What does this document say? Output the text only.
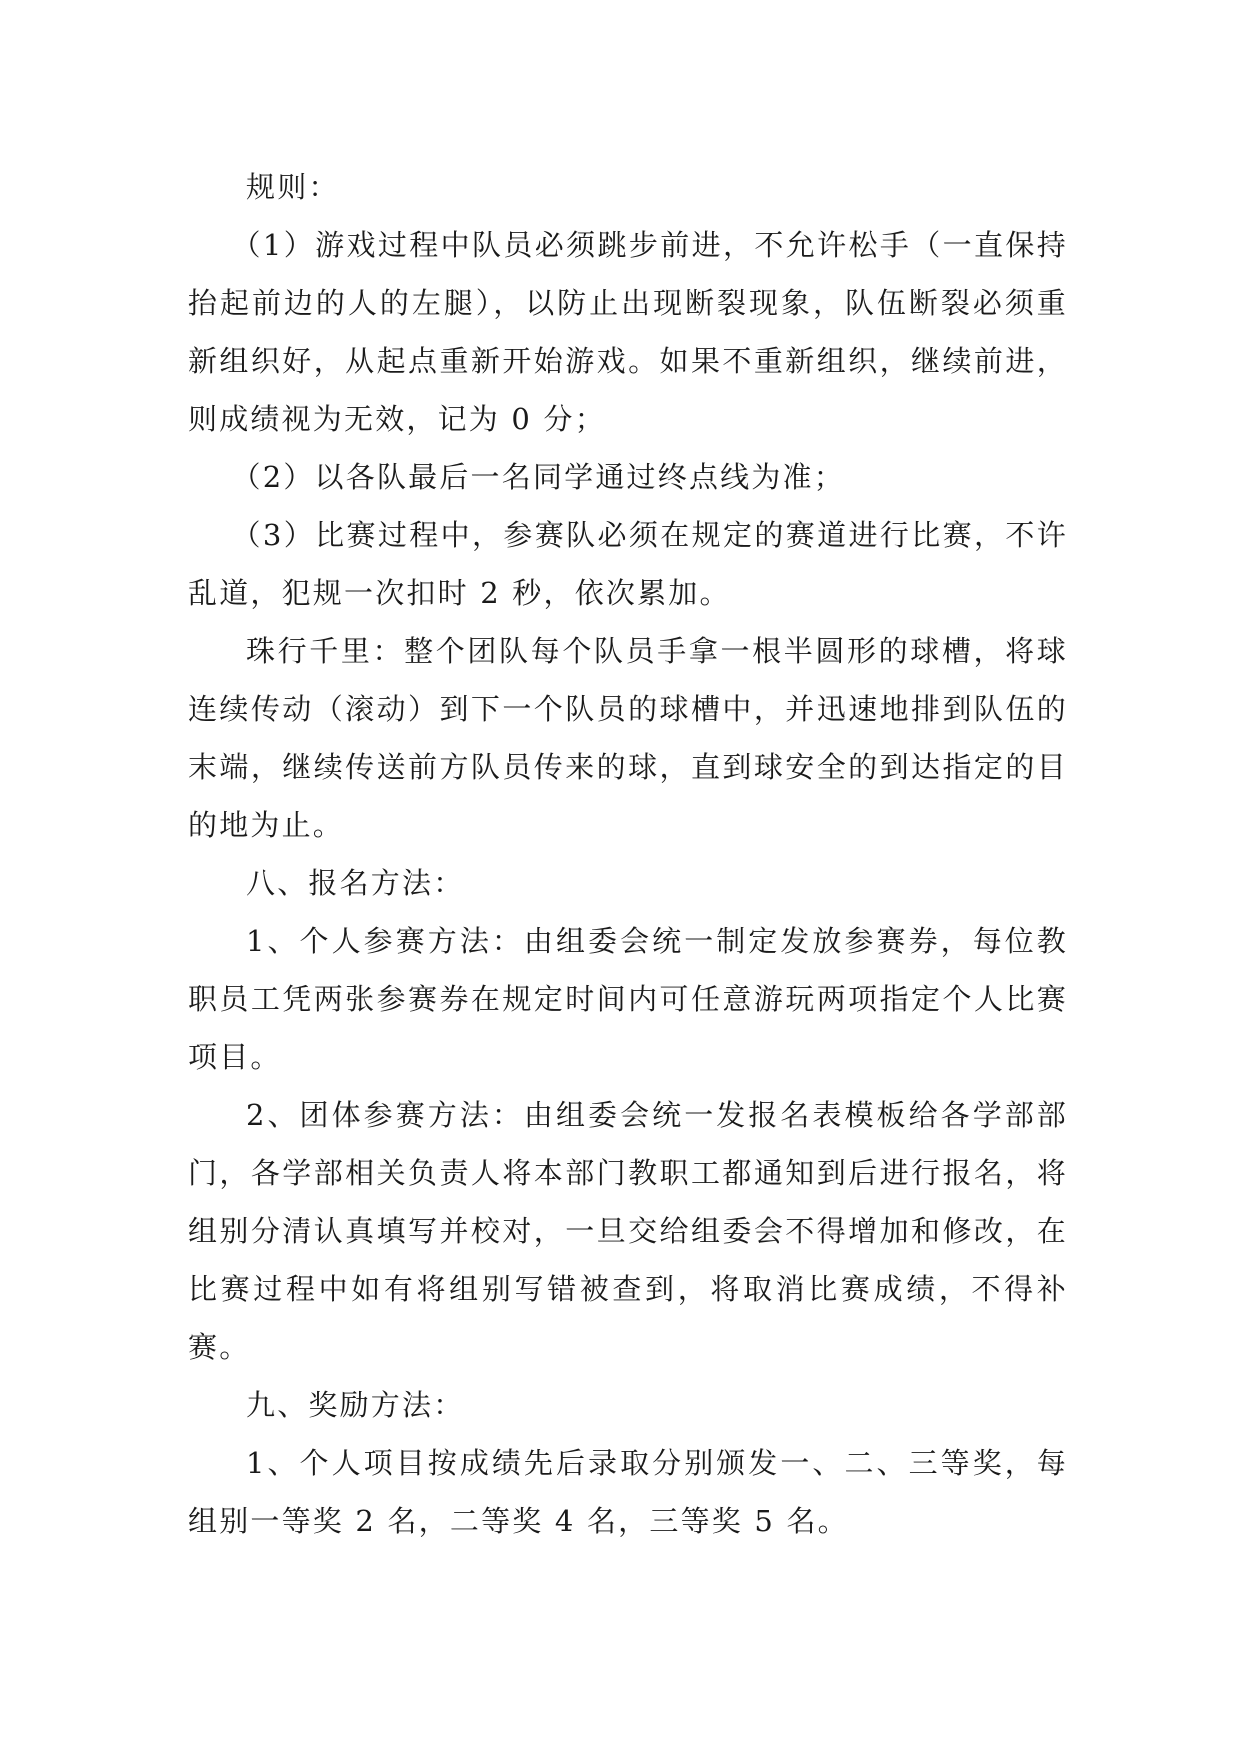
规则：

（1）游戏过程中队员必须跳步前进，不允许松手（一直保持抬起前边的人的左腿），以防止出现断裂现象，队伍断裂必须重新组织好，从起点重新开始游戏。如果不重新组织，继续前进，则成绩视为无效，记为 0 分；

（2）以各队最后一名同学通过终点线为准；

（3）比赛过程中，参赛队必须在规定的赛道进行比赛，不许乱道，犯规一次扣时 2 秒，依次累加。

珠行千里：整个团队每个队员手拿一根半圆形的球槽，将球连续传动（滚动）到下一个队员的球槽中，并迅速地排到队伍的末端，继续传送前方队员传来的球，直到球安全的到达指定的目的地为止。

八、报名方法：

1、个人参赛方法：由组委会统一制定发放参赛券，每位教职员工凭两张参赛券在规定时间内可任意游玩两项指定个人比赛项目。

2、团体参赛方法：由组委会统一发报名表模板给各学部部门，各学部相关负责人将本部门教职工都通知到后进行报名，将组别分清认真填写并校对，一旦交给组委会不得增加和修改，在比赛过程中如有将组别写错被查到，将取消比赛成绩，不得补赛。

九、奖励方法：

1、个人项目按成绩先后录取分别颁发一、二、三等奖，每组别一等奖 2 名，二等奖 4 名，三等奖 5 名。
